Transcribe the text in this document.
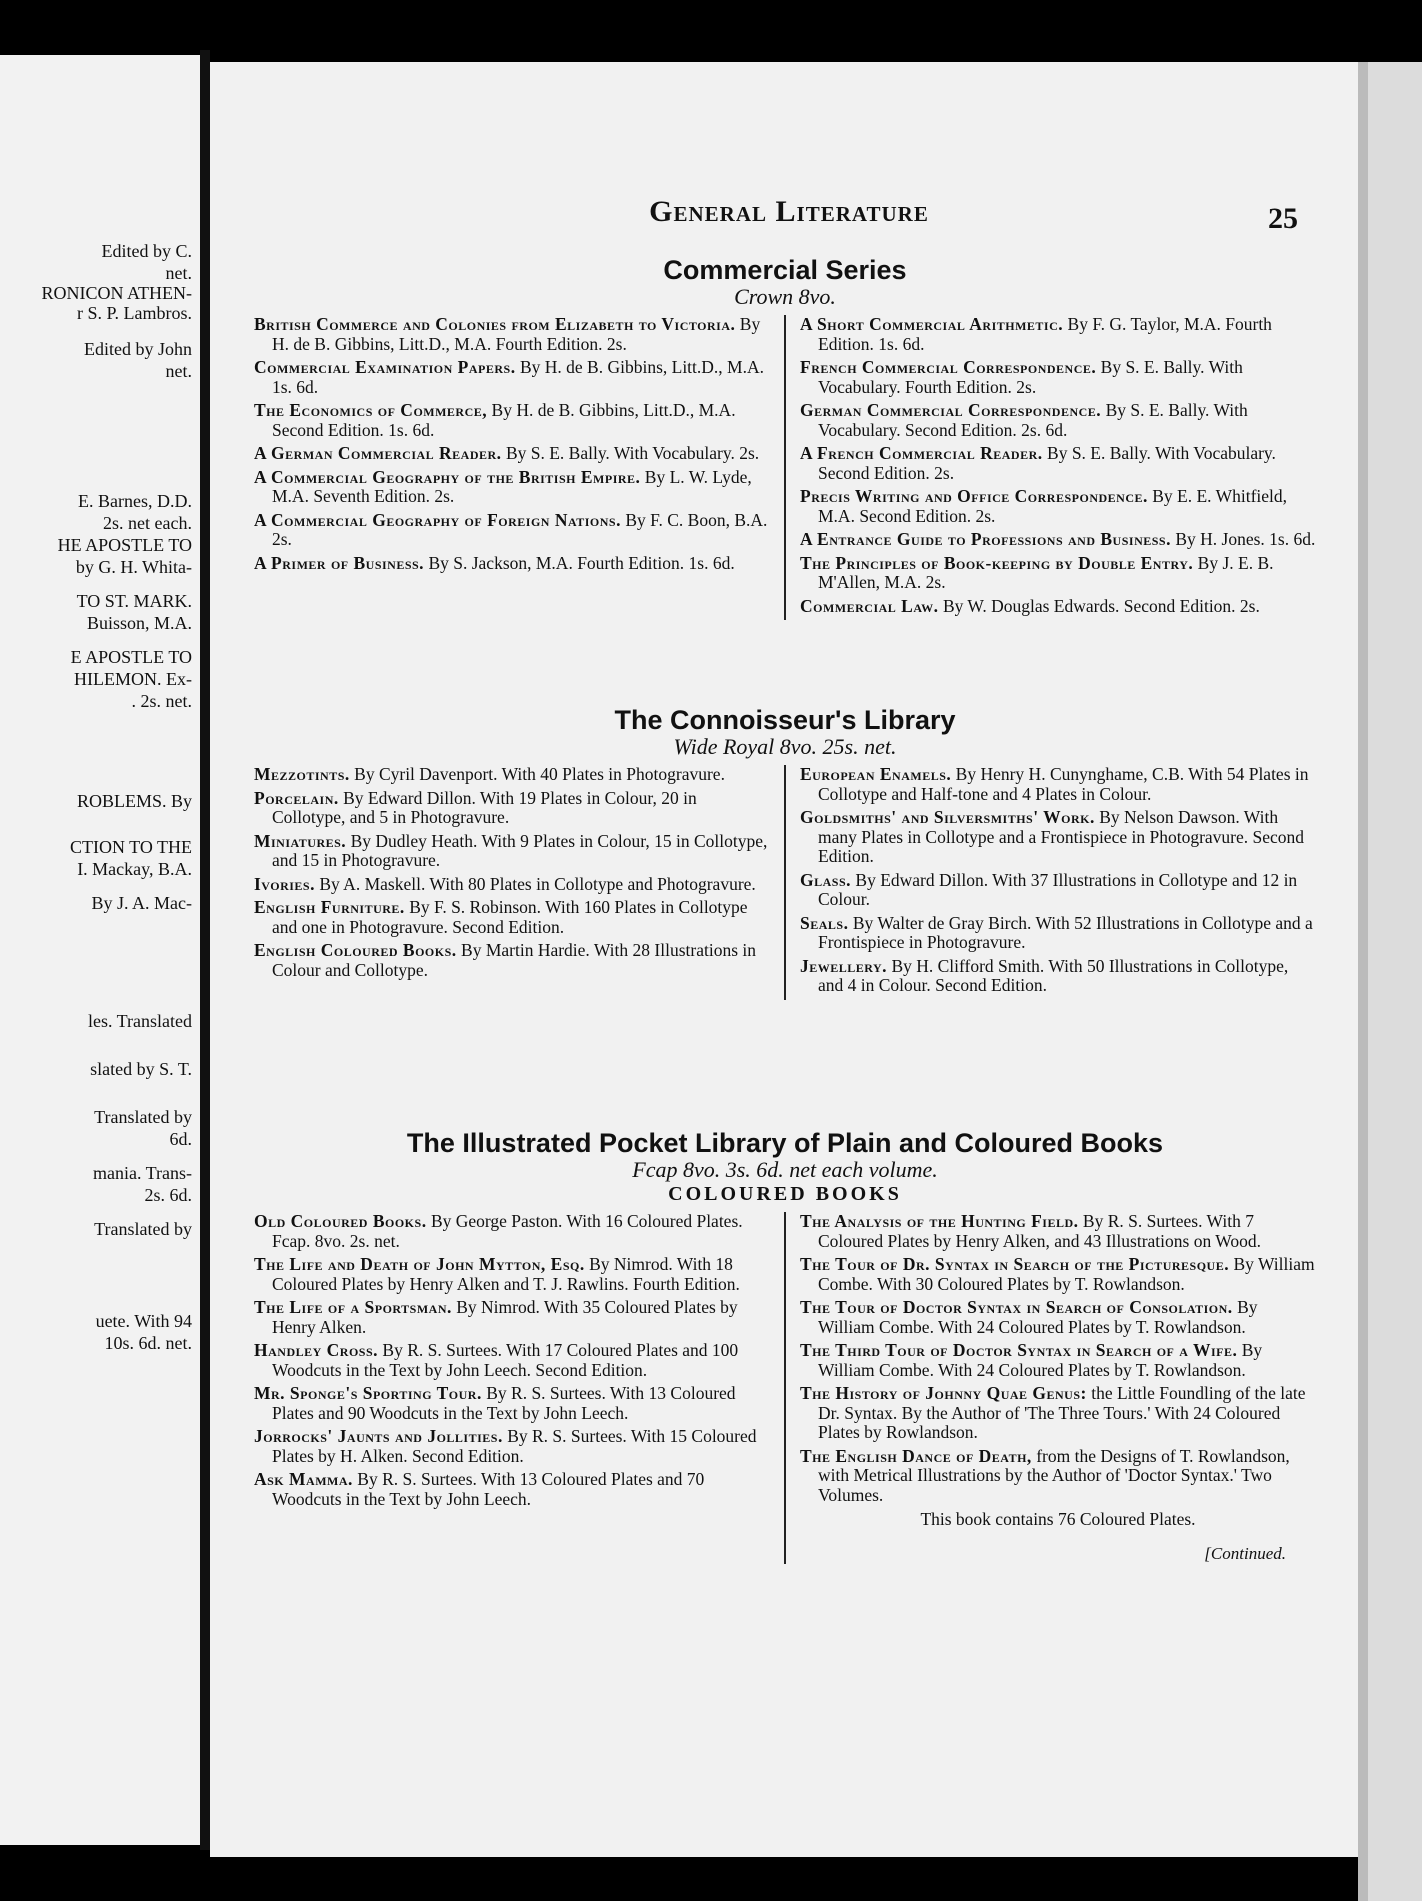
Edited by C.
net.
RONICON ATHEN-
r S. P. Lambros.
Edited by John
net.
E. Barnes, D.D.
2s. net each.
HE APOSTLE TO
by G. H. Whita-
TO ST. MARK.
Buisson, M.A.
E APOSTLE TO
HILEMON. Ex-
. 2s. net.
ROBLEMS. By
CTION TO THE
I. Mackay, B.A.
By J. A. Mac-
les. Translated
slated by S. T.
Translated by
6d.
mania. Trans-
2s. 6d.
Translated by
uete. With 94
10s. 6d. net.
General Literature	25
Commercial Series
Crown 8vo.
British Commerce and Colonies from Elizabeth to Victoria. By H. de B. Gibbins, Litt.D., M.A. Fourth Edition. 2s.
Commercial Examination Papers. By H. de B. Gibbins, Litt.D., M.A. 1s. 6d.
The Economics of Commerce, By H. de B. Gibbins, Litt.D., M.A. Second Edition. 1s. 6d.
A German Commercial Reader. By S. E. Bally. With Vocabulary. 2s.
A Commercial Geography of the British Empire. By L. W. Lyde, M.A. Seventh Edition. 2s.
A Commercial Geography of Foreign Nations. By F. C. Boon, B.A. 2s.
A Primer of Business. By S. Jackson, M.A. Fourth Edition. 1s. 6d.
A Short Commercial Arithmetic. By F. G. Taylor, M.A. Fourth Edition. 1s. 6d.
French Commercial Correspondence. By S. E. Bally. With Vocabulary. Fourth Edition. 2s.
German Commercial Correspondence. By S. E. Bally. With Vocabulary. Second Edition. 2s. 6d.
A French Commercial Reader. By S. E. Bally. With Vocabulary. Second Edition. 2s.
Precis Writing and Office Correspondence. By E. E. Whitfield, M.A. Second Edition. 2s.
A Entrance Guide to Professions and Business. By H. Jones. 1s. 6d.
The Principles of Book-keeping by Double Entry. By J. E. B. M'Allen, M.A. 2s.
Commercial Law. By W. Douglas Edwards. Second Edition. 2s.
The Connoisseur's Library
Wide Royal 8vo. 25s. net.
Mezzotints. By Cyril Davenport. With 40 Plates in Photogravure.
Porcelain. By Edward Dillon. With 19 Plates in Colour, 20 in Collotype, and 5 in Photogravure.
Miniatures. By Dudley Heath. With 9 Plates in Colour, 15 in Collotype, and 15 in Photogravure.
Ivories. By A. Maskell. With 80 Plates in Collotype and Photogravure.
English Furniture. By F. S. Robinson. With 160 Plates in Collotype and one in Photogravure. Second Edition.
English Coloured Books. By Martin Hardie. With 28 Illustrations in Colour and Collotype.
European Enamels. By Henry H. Cunynghame, C.B. With 54 Plates in Collotype and Half-tone and 4 Plates in Colour.
Goldsmiths' and Silversmiths' Work. By Nelson Dawson. With many Plates in Collotype and a Frontispiece in Photogravure. Second Edition.
Glass. By Edward Dillon. With 37 Illustrations in Collotype and 12 in Colour.
Seals. By Walter de Gray Birch. With 52 Illustrations in Collotype and a Frontispiece in Photogravure.
Jewellery. By H. Clifford Smith. With 50 Illustrations in Collotype, and 4 in Colour. Second Edition.
The Illustrated Pocket Library of Plain and Coloured Books
Fcap 8vo. 3s. 6d. net each volume.
COLOURED BOOKS
Old Coloured Books. By George Paston. With 16 Coloured Plates. Fcap. 8vo. 2s. net.
The Life and Death of John Mytton, Esq. By Nimrod. With 18 Coloured Plates by Henry Alken and T. J. Rawlins. Fourth Edition.
The Life of a Sportsman. By Nimrod. With 35 Coloured Plates by Henry Alken.
Handley Cross. By R. S. Surtees. With 17 Coloured Plates and 100 Woodcuts in the Text by John Leech. Second Edition.
Mr. Sponge's Sporting Tour. By R. S. Surtees. With 13 Coloured Plates and 90 Woodcuts in the Text by John Leech.
Jorrocks' Jaunts and Jollities. By R. S. Surtees. With 15 Coloured Plates by H. Alken. Second Edition.
Ask Mamma. By R. S. Surtees. With 13 Coloured Plates and 70 Woodcuts in the Text by John Leech.
The Analysis of the Hunting Field. By R. S. Surtees. With 7 Coloured Plates by Henry Alken, and 43 Illustrations on Wood.
The Tour of Dr. Syntax in Search of the Picturesque. By William Combe. With 30 Coloured Plates by T. Rowlandson.
The Tour of Doctor Syntax in Search of Consolation. By William Combe. With 24 Coloured Plates by T. Rowlandson.
The Third Tour of Doctor Syntax in Search of a Wife. By William Combe. With 24 Coloured Plates by T. Rowlandson.
The History of Johnny Quae Genus: the Little Foundling of the late Dr. Syntax. By the Author of 'The Three Tours.' With 24 Coloured Plates by Rowlandson.
The English Dance of Death, from the Designs of T. Rowlandson, with Metrical Illustrations by the Author of 'Doctor Syntax.' Two Volumes.
This book contains 76 Coloured Plates.
[Continued.
